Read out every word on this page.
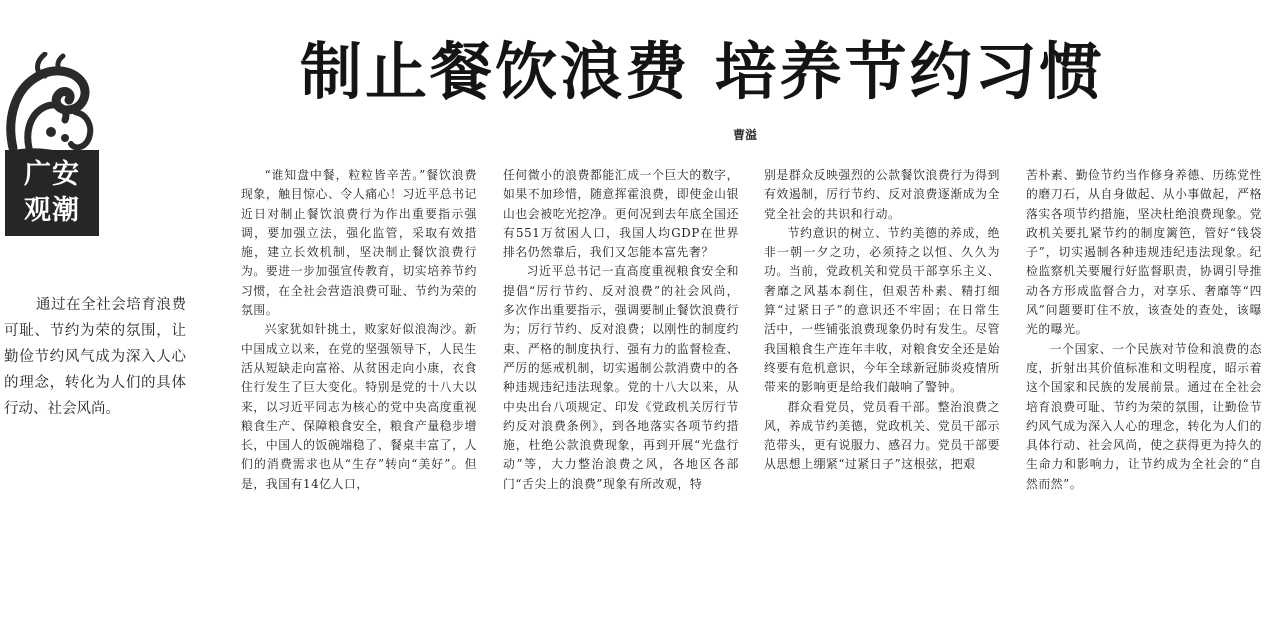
广安
观潮
制止餐饮浪费 培养节约习惯
曹溢

通过在全社会培育浪费可耻、节约为荣的氛围，让勤俭节约风气成为深入人心的理念，转化为人们的具体行动、社会风尚。

“谁知盘中餐，粒粒皆辛苦。”餐饮浪费现象，触目惊心、令人痛心！习近平总书记近日对制止餐饮浪费行为作出重要指示强调，要加强立法，强化监管，采取有效措施，建立长效机制，坚决制止餐饮浪费行为。要进一步加强宣传教育，切实培养节约习惯，在全社会营造浪费可耻、节约为荣的氛围。

兴家犹如针挑土，败家好似浪淘沙。新中国成立以来，在党的坚强领导下，人民生活从短缺走向富裕、从贫困走向小康，衣食住行发生了巨大变化。特别是党的十八大以来，以习近平同志为核心的党中央高度重视粮食生产、保障粮食安全，粮食产量稳步增长，中国人的饭碗端稳了、餐桌丰富了，人们的消费需求也从“生存”转向“美好”。但是，我国有14亿人口，

任何微小的浪费都能汇成一个巨大的数字，如果不加珍惜，随意挥霍浪费，即使金山银山也会被吃光挖净。更何况到去年底全国还有551万贫困人口，我国人均GDP在世界排名仍然靠后，我们又怎能本富先奢？

习近平总书记一直高度重视粮食安全和提倡“厉行节约、反对浪费”的社会风尚，多次作出重要指示，强调要制止餐饮浪费行为；厉行节约、反对浪费；以刚性的制度约束、严格的制度执行、强有力的监督检查、严厉的惩戒机制，切实遏制公款消费中的各种违规违纪违法现象。党的十八大以来，从中央出台八项规定、印发《党政机关厉行节约反对浪费条例》，到各地落实各项节约措施，杜绝公款浪费现象，再到开展“光盘行动”等，大力整治浪费之风，各地区各部门“舌尖上的浪费”现象有所改观，特

别是群众反映强烈的公款餐饮浪费行为得到有效遏制，厉行节约、反对浪费逐渐成为全党全社会的共识和行动。

节约意识的树立、节约美德的养成，绝非一朝一夕之功，必须持之以恒、久久为功。当前，党政机关和党员干部享乐主义、奢靡之风基本刹住，但艰苦朴素、精打细算“过紧日子”的意识还不牢固；在日常生活中，一些铺张浪费现象仍时有发生。尽管我国粮食生产连年丰收，对粮食安全还是始终要有危机意识，今年全球新冠肺炎疫情所带来的影响更是给我们敲响了警钟。

群众看党员，党员看干部。整治浪费之风，养成节约美德，党政机关、党员干部示范带头，更有说服力、感召力。党员干部要从思想上绷紧“过紧日子”这根弦，把艰

苦朴素、勤俭节约当作修身养德、历练党性的磨刀石，从自身做起、从小事做起，严格落实各项节约措施，坚决杜绝浪费现象。党政机关要扎紧节约的制度篱笆，管好“钱袋子”，切实遏制各种违规违纪违法现象。纪检监察机关要履行好监督职责，协调引导推动各方形成监督合力，对享乐、奢靡等“四风”问题要盯住不放，该查处的查处，该曝光的曝光。

一个国家、一个民族对节俭和浪费的态度，折射出其价值标准和文明程度，昭示着这个国家和民族的发展前景。通过在全社会培育浪费可耻、节约为荣的氛围，让勤俭节约风气成为深入人心的理念，转化为人们的具体行动、社会风尚，使之获得更为持久的生命力和影响力，让节约成为全社会的“自然而然”。
